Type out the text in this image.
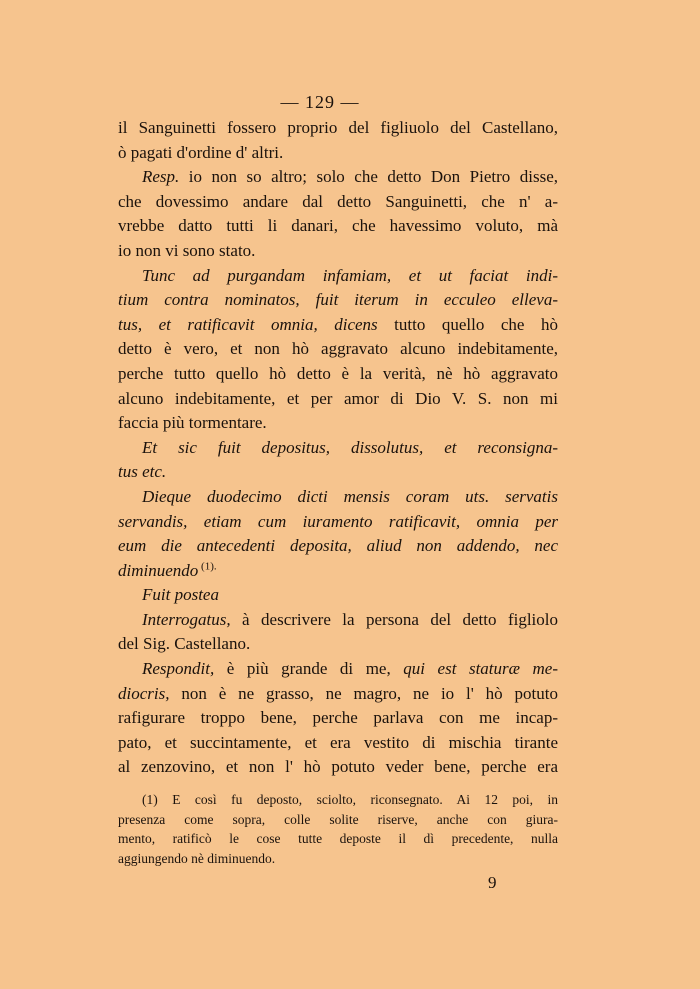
— 129 —
il Sanguinetti fossero proprio del figliuolo del Castellano,
ò pagati d'ordine d' altri.
Resp. io non so altro; solo che detto Don Pietro disse,
che dovessimo andare dal detto Sanguinetti, che n' a-
vrebbe datto tutti li danari, che havessimo voluto, mà
io non vi sono stato.
Tunc ad purgandam infamiam, et ut faciat indi-
tium contra nominatos, fuit iterum in ecculeo elleva-
tus, et ratificavit omnia, dicens tutto quello che hò
detto è vero, et non hò aggravato alcuno indebitamente,
perche tutto quello hò detto è la verità, nè hò aggravato
alcuno indebitamente, et per amor di Dio V. S. non mi
faccia più tormentare.
Et sic fuit depositus, dissolutus, et reconsigna-
tus etc.
Dieque duodecimo dicti mensis coram uts. servatis
servandis, etiam cum iuramento ratificavit, omnia per
eum die antecedenti deposita, aliud non addendo, nec
diminuendo $^{(1).}$
Fuit postea
Interrogatus, à descrivere la persona del detto figliolo
del Sig. Castellano.
Respondit, è più grande di me, qui est staturæ me-
diocris, non è ne grasso, ne magro, ne io l' hò potuto
rafigurare troppo bene, perche parlava con me incap-
pato, et succintamente, et era vestito di mischia tirante
al zenzovino, et non l' hò potuto veder bene, perche era
(1) E così fu deposto, sciolto, riconsegnato. Ai 12 poi, in
presenza come sopra, colle solite riserve, anche con giura-
mento, ratificò le cose tutte deposte il dì precedente, nulla
aggiungendo nè diminuendo.
9
